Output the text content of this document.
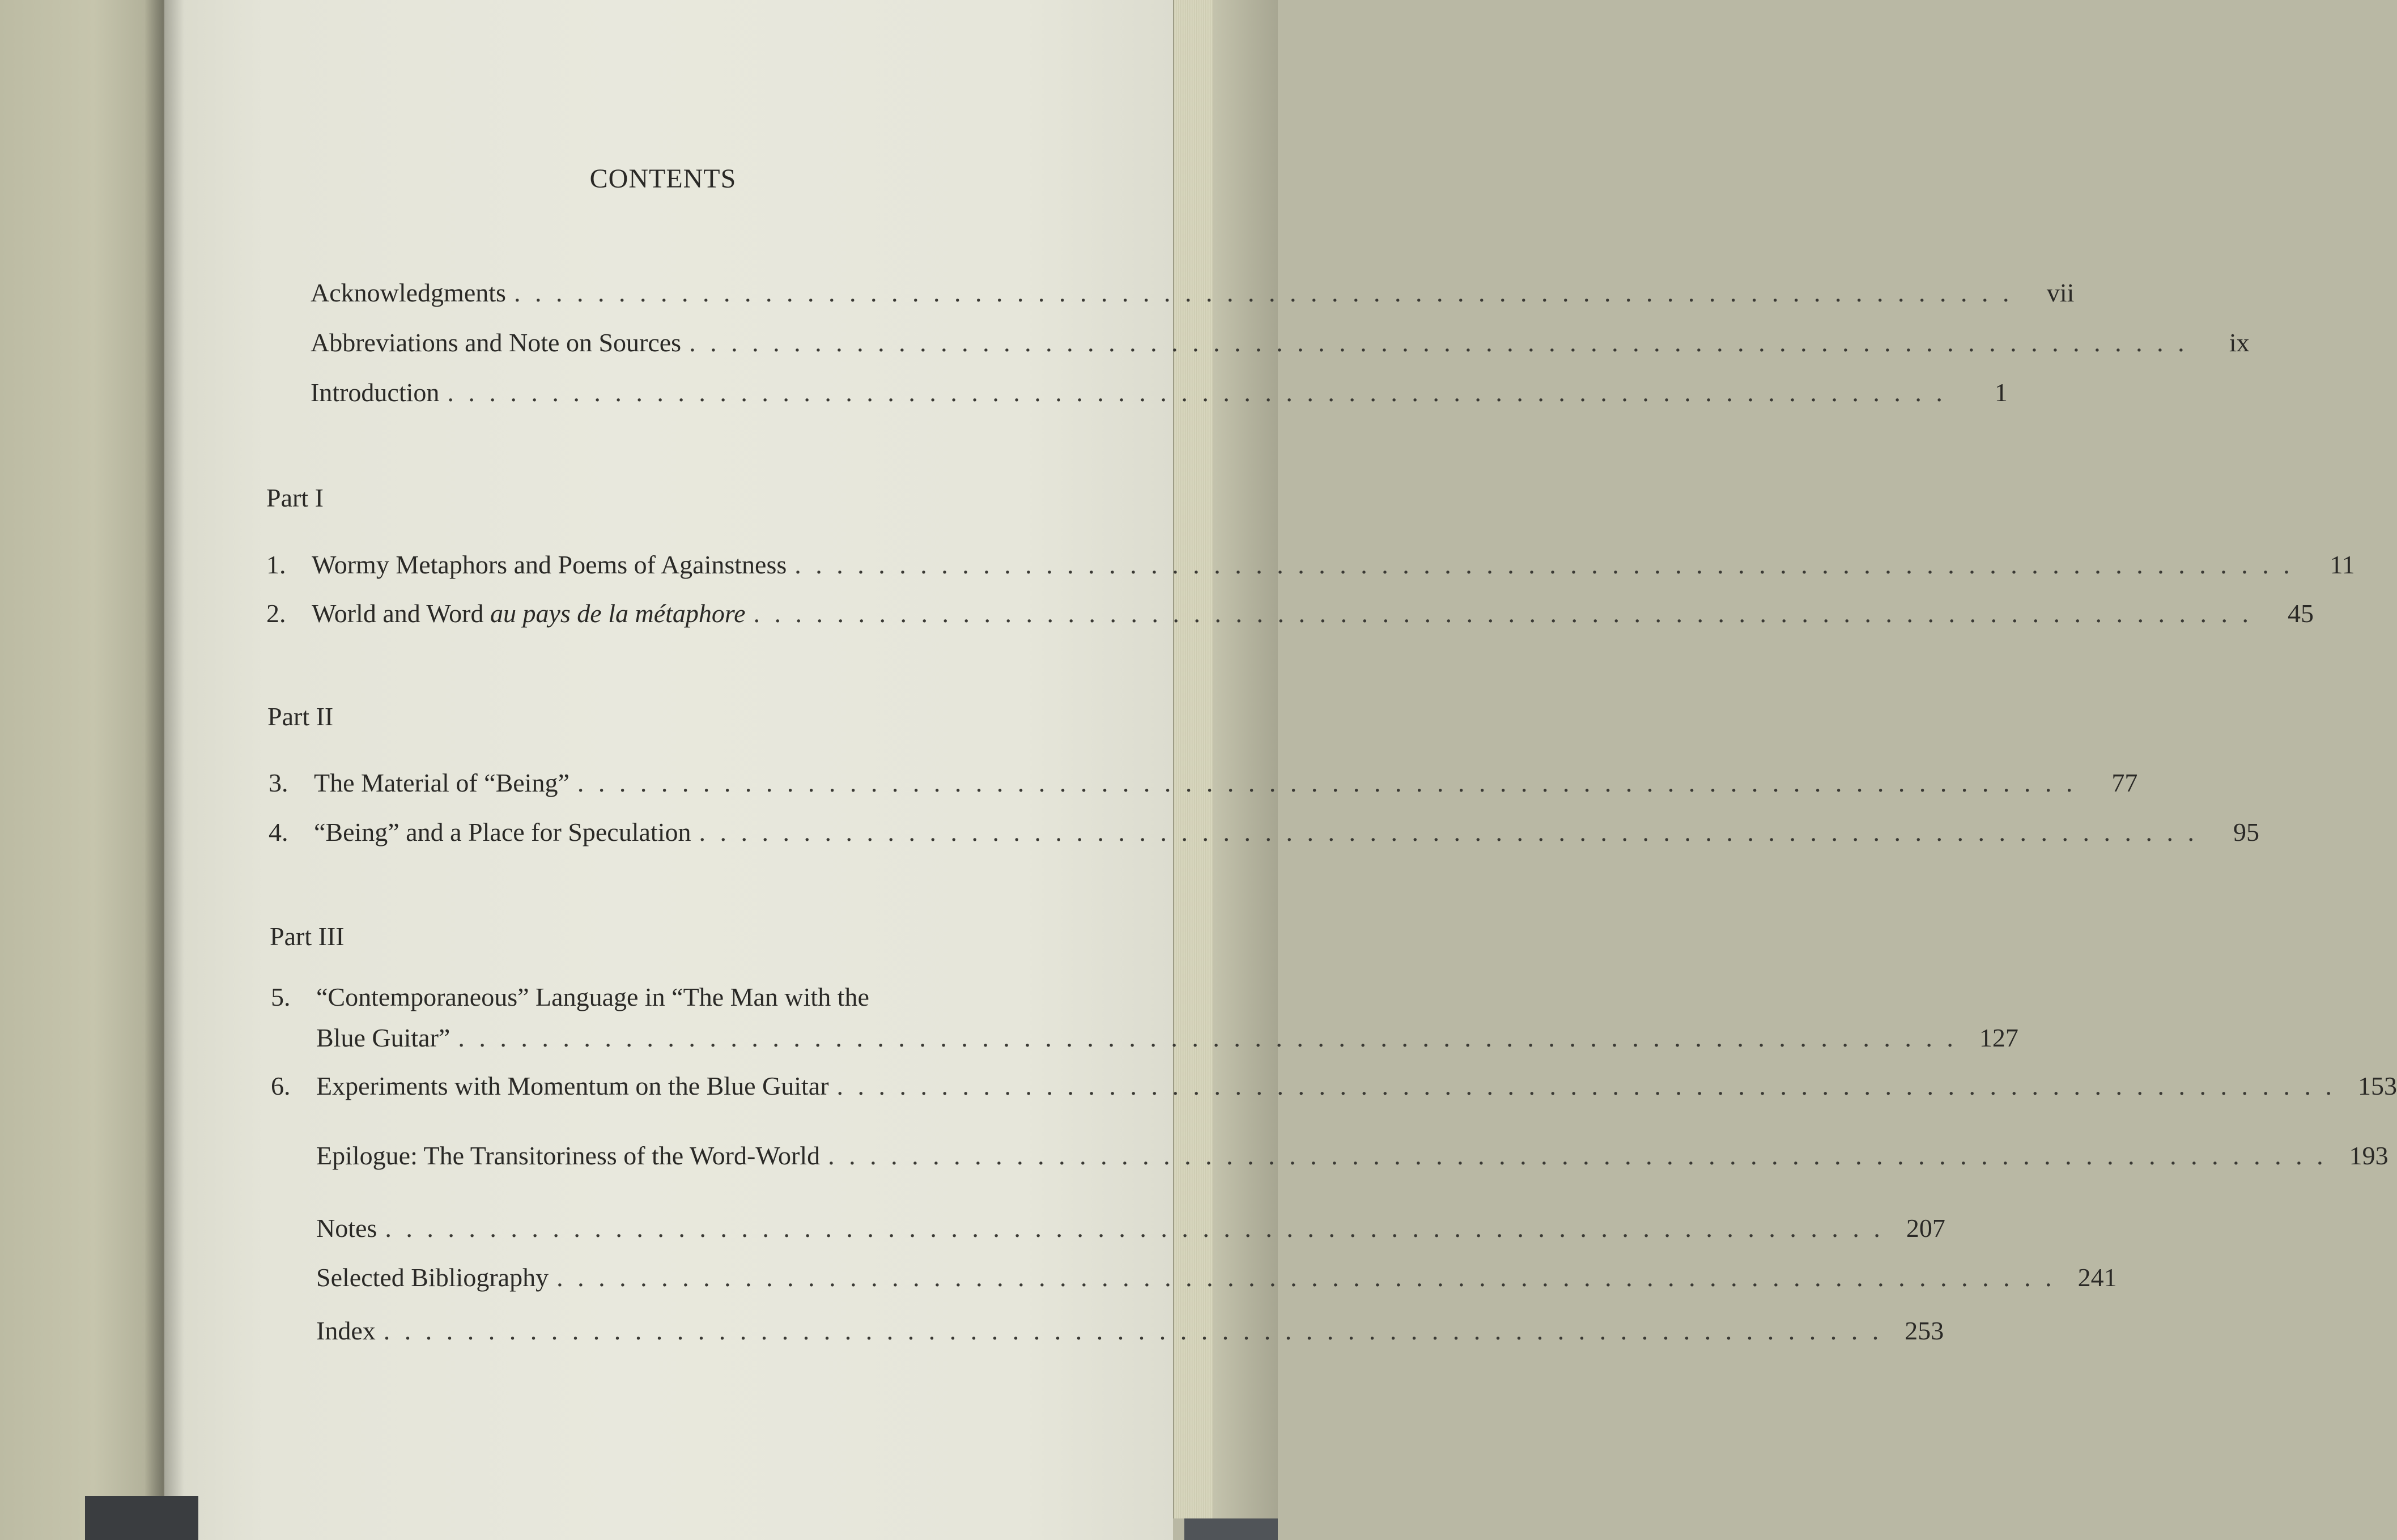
CONTENTS
Acknowledgments . . . . . . . . . . . . . . . . . . . . . . . . . . . . . . . . . . . . . . . . . . . . . . . . . . . . . . . . . . . . . . . . . . . . . . . .	vii
Abbreviations and Note on Sources . . . . . . . . . . . . . . . . . . . . . . . . . . . . . . . . . . . . . . . . . . . . . . . . . . . . . . . . . . . . . . . . . . . . . . . .	ix
Introduction . . . . . . . . . . . . . . . . . . . . . . . . . . . . . . . . . . . . . . . . . . . . . . . . . . . . . . . . . . . . . . . . . . . . . . . .	1
Part I
1. Wormy Metaphors and Poems of Againstness . . . . . . . . . . . . . . . . . . . . . . . . . . . . . . . . . . . . . . . . . . . . . . . . . . . . . . . . . . . . . . . . . . . . . . . .	11
2. World and Word au pays de la métaphore . . . . . . . . . . . . . . . . . . . . . . . . . . . . . . . . . . . . . . . . . . . . . . . . . . . . . . . . . . . . . . . . . . . . . . . .	45
Part II
3. The Material of “Being” . . . . . . . . . . . . . . . . . . . . . . . . . . . . . . . . . . . . . . . . . . . . . . . . . . . . . . . . . . . . . . . . . . . . . . . .	77
4. “Being” and a Place for Speculation . . . . . . . . . . . . . . . . . . . . . . . . . . . . . . . . . . . . . . . . . . . . . . . . . . . . . . . . . . . . . . . . . . . . . . . .	95
Part III
5. “Contemporaneous” Language in “The Man with the
Blue Guitar” . . . . . . . . . . . . . . . . . . . . . . . . . . . . . . . . . . . . . . . . . . . . . . . . . . . . . . . . . . . . . . . . . . . . . . . . 127
6. Experiments with Momentum on the Blue Guitar . . . . . . . . . . . . . . . . . . . . . . . . . . . . . . . . . . . . . . . . . . . . . . . . . . . . . . . . . . . . . . . . . . . . . . . . 153
Epilogue: The Transitoriness of the Word-World . . . . . . . . . . . . . . . . . . . . . . . . . . . . . . . . . . . . . . . . . . . . . . . . . . . . . . . . . . . . . . . . . . . . . . . . 193
Notes . . . . . . . . . . . . . . . . . . . . . . . . . . . . . . . . . . . . . . . . . . . . . . . . . . . . . . . . . . . . . . . . . . . . . . . . 207
Selected Bibliography . . . . . . . . . . . . . . . . . . . . . . . . . . . . . . . . . . . . . . . . . . . . . . . . . . . . . . . . . . . . . . . . . . . . . . . . 241
Index . . . . . . . . . . . . . . . . . . . . . . . . . . . . . . . . . . . . . . . . . . . . . . . . . . . . . . . . . . . . . . . . . . . . . . . . 253
